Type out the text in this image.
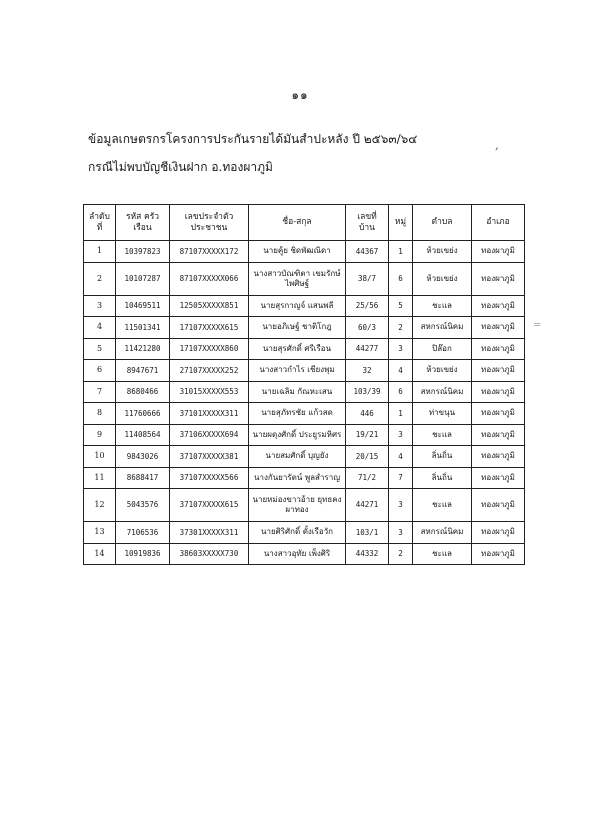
๑๑
ข้อมูลเกษตรกรโครงการประกันรายได้มันสำปะหลัง ปี ๒๕๖๓/๖๔	,
กรณีไม่พบบัญชีเงินฝาก อ.ทองผาภูมิ
=
ลำดับ ที่	รหัส ครัวเรือน	เลขประจำตัว ประชาชน	ชื่อ-สกุล	เลขที่ บ้าน	หมู่	ตำบล	อำเภอ
1	10397823	87107XXXXX172	นายคู้ย ชิดพัฒณิดา	44367	1	ห้วยเขย่ง	ทองผาภูมิ
2	10107287	87107XXXXX066	นางสาวบัณฑิตา เขมรักษ์ไพศิษฐ์	38/7	6	ห้วยเขย่ง	ทองผาภูมิ
3	10469511	12505XXXXX851	นายสุรกาญจ์ แสนพลี	25/56	5	ชะแล	ทองผาภูมิ
4	11501341	17107XXXXX615	นายอภิเษฐ์ ชาติโกฎ	60/3	2	สหกรณ์นิคม	ทองผาภูมิ
5	11421280	17107XXXXX860	นายสุรศักดิ์ ศรีเรือน	44277	3	ปิล๊อก	ทองผาภูมิ
6	8947671	27107XXXXX252	นางสาวกำไร เชียงพุม	32	4	ห้วยเขย่ง	ทองผาภูมิ
7	8680466	31015XXXXX553	นายเฉลิม กัณหะเสน	103/39	6	สหกรณ์นิคม	ทองผาภูมิ
8	11760666	37101XXXXX311	นายสุภัทรชัย แก้วสด	446	1	ท่าขนุน	ทองผาภูมิ
9	11408564	37106XXXXX694	นายผดุงศักดิ์ ประยูรมหิศร	19/21	3	ชะแล	ทองผาภูมิ
10	9843026	37107XXXXX381	นายสมศักดิ์ บุญยัง	20/15	4	ลิ่นถิ่น	ทองผาภูมิ
11	8688417	37107XXXXX566	นางกันยารัตน์ พูลสำราญ	71/2	7	ลิ่นถิ่น	ทองผาภูมิ
12	5043576	37107XXXXX615	นายหม่องขาวอ้าย ยุทธคงผาทอง	44271	3	ชะแล	ทองผาภูมิ
13	7106536	37301XXXXX311	นายศิริศักดิ์ ตั้งเรือวัก	103/1	3	สหกรณ์นิคม	ทองผาภูมิ
14	10919836	38603XXXXX730	นางสาวอุทัย เพ็งศิริ	44332	2	ชะแล	ทองผาภูมิ
